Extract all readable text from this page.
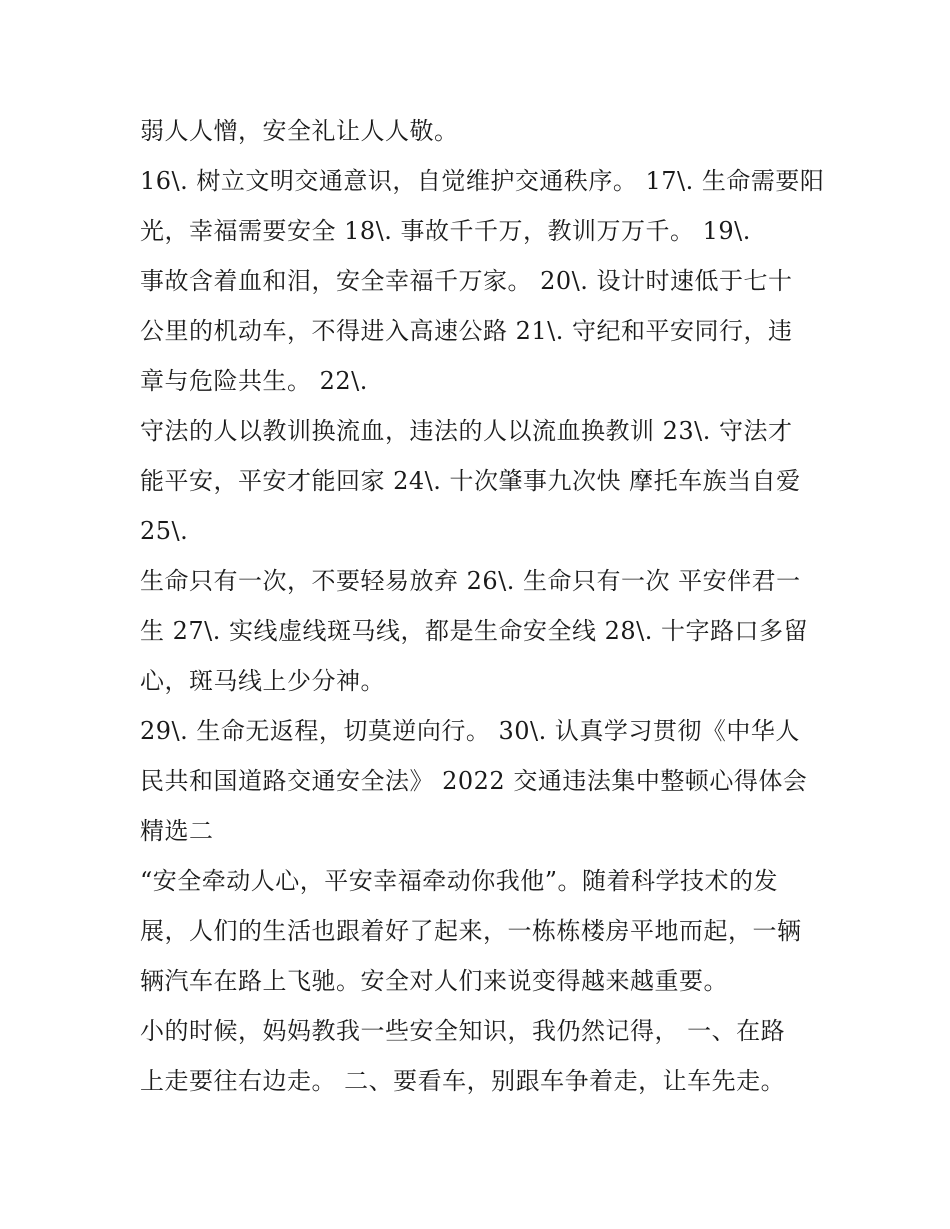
弱人人憎，安全礼让人人敬。
16\. 树立文明交通意识，自觉维护交通秩序。 17\. 生命需要阳
光，幸福需要安全 18\. 事故千千万，教训万万千。 19\.
事故含着血和泪，安全幸福千万家。 20\. 设计时速低于七十
公里的机动车，不得进入高速公路 21\. 守纪和平安同行，违
章与危险共生。 22\.
守法的人以教训换流血，违法的人以流血换教训 23\. 守法才
能平安，平安才能回家 24\. 十次肇事九次快 摩托车族当自爱
25\.
生命只有一次，不要轻易放弃 26\. 生命只有一次 平安伴君一
生 27\. 实线虚线斑马线，都是生命安全线 28\. 十字路口多留
心，斑马线上少分神。
29\. 生命无返程，切莫逆向行。 30\. 认真学习贯彻《中华人
民共和国道路交通安全法》 2022 交通违法集中整顿心得体会
精选二
“安全牵动人心，平安幸福牵动你我他”。随着科学技术的发
展，人们的生活也跟着好了起来，一栋栋楼房平地而起，一辆
辆汽车在路上飞驰。安全对人们来说变得越来越重要。
小的时候，妈妈教我一些安全知识，我仍然记得， 一、在路
上走要往右边走。 二、要看车，别跟车争着走，让车先走。
